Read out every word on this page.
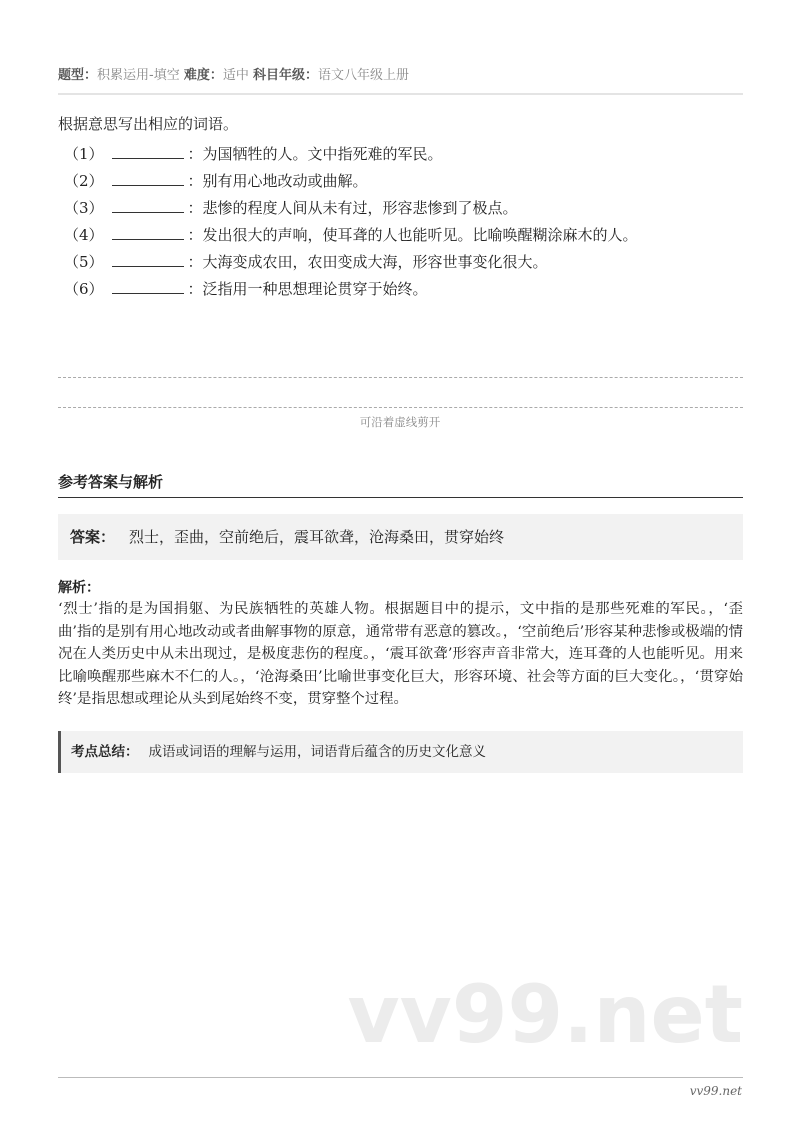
题型：积累运用-填空 难度：适中 科目年级：语文八年级上册
根据意思写出相应的词语。
（1）	：为国牺牲的人。文中指死难的军民。
（2）	：别有用心地改动或曲解。
（3）	：悲惨的程度人间从未有过，形容悲惨到了极点。
（4）	：发出很大的声响，使耳聋的人也能听见。比喻唤醒糊涂麻木的人。
（5）	：大海变成农田，农田变成大海，形容世事变化很大。
（6）	：泛指用一种思想理论贯穿于始终。
可沿着虚线剪开
参考答案与解析
答案： 烈士，歪曲，空前绝后，震耳欲聋，沧海桑田，贯穿始终
解析：
‘烈士’指的是为国捐躯、为民族牺牲的英雄人物。根据题目中的提示，文中指的是那些死难的军民。，‘歪曲’指的是别有用心地改动或者曲解事物的原意，通常带有恶意的篡改。，‘空前绝后’形容某种悲惨或极端的情况在人类历史中从未出现过，是极度悲伤的程度。，‘震耳欲聋’形容声音非常大，连耳聋的人也能听见。用来比喻唤醒那些麻木不仁的人。，‘沧海桑田’比喻世事变化巨大，形容环境、社会等方面的巨大变化。，‘贯穿始终’是指思想或理论从头到尾始终不变，贯穿整个过程。
考点总结： 成语或词语的理解与运用，词语背后蕴含的历史文化意义
vv99.net
vv99.net
